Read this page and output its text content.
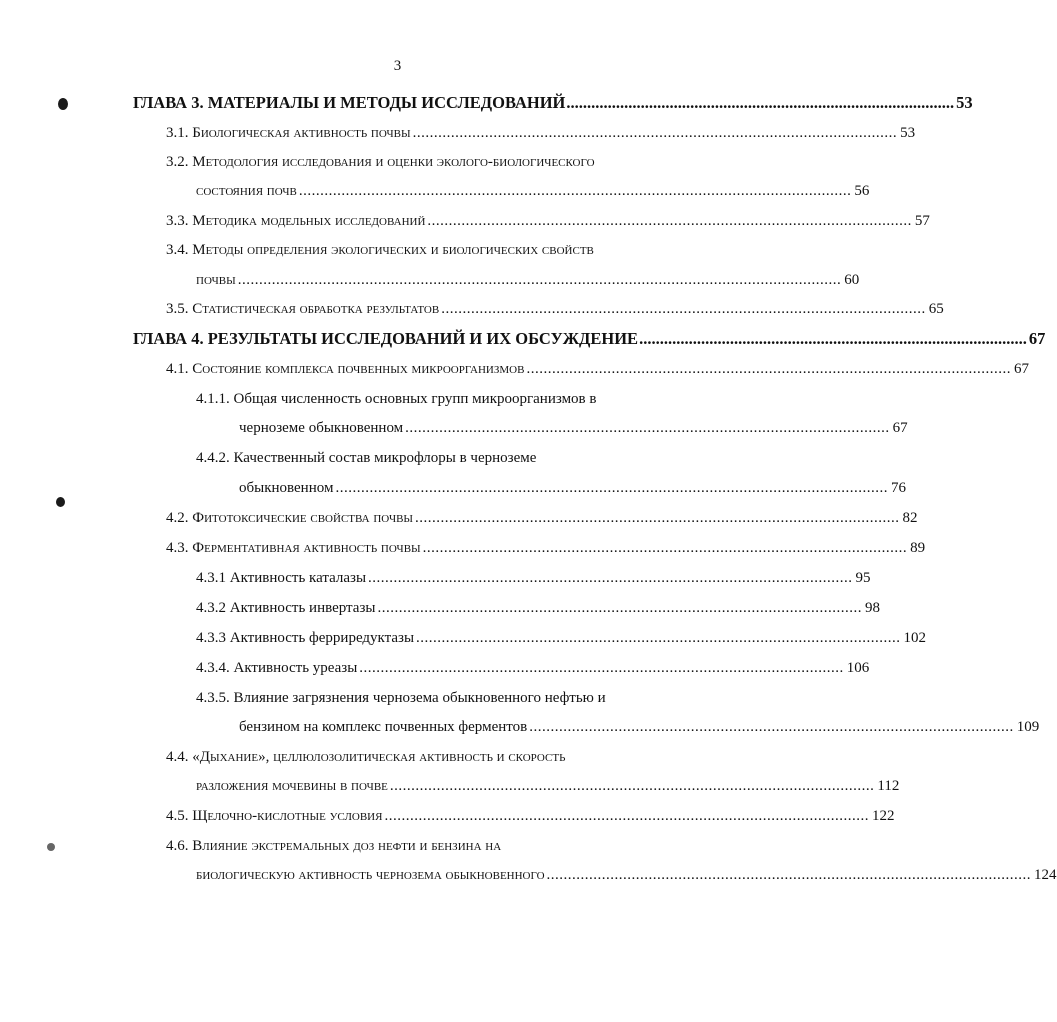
3
ГЛАВА 3. МАТЕРИАЛЫ И МЕТОДЫ ИССЛЕДОВАНИЙ .............................................................................................. 53
3.1. Биологическая активность почвы .................................................................................................................. 53
3.2. Методология исследования и оценки эколого-биологического
состояния почв .................................................................................................................................. 56
3.3. Методика модельных исследований .................................................................................................................. 57
3.4. Методы определения экологических и биологических свойств
почвы .............................................................................................................................................. 60
3.5. Статистическая обработка результатов .................................................................................................................. 65
ГЛАВА 4. РЕЗУЛЬТАТЫ ИССЛЕДОВАНИЙ И ИХ ОБСУЖДЕНИЕ .............................................................................................. 67
4.1. Состояние комплекса почвенных микроорганизмов .................................................................................................................. 67
4.1.1. Общая численность основных групп микроорганизмов в
черноземе обыкновенном .................................................................................................................. 67
4.4.2. Качественный состав микрофлоры в черноземе
обыкновенном .................................................................................................................................. 76
4.2. Фитотоксические свойства почвы .................................................................................................................. 82
4.3. Ферментативная активность почвы .................................................................................................................. 89
4.3.1 Активность каталазы .................................................................................................................. 95
4.3.2 Активность инвертазы .................................................................................................................. 98
4.3.3 Активность ферриредуктазы .................................................................................................................. 102
4.3.4. Активность уреазы .................................................................................................................. 106
4.3.5. Влияние загрязнения чернозема обыкновенного нефтью и
бензином на комплекс почвенных ферментов .................................................................................................................. 109
4.4. «Дыхание», целлюлозолитическая активность и скорость
разложения мочевины в почве .................................................................................................................. 112
4.5. Щелочно-кислотные условия .................................................................................................................. 122
4.6. Влияние экстремальных доз нефти и бензина на
биологическую активность чернозема обыкновенного .................................................................................................................. 124
